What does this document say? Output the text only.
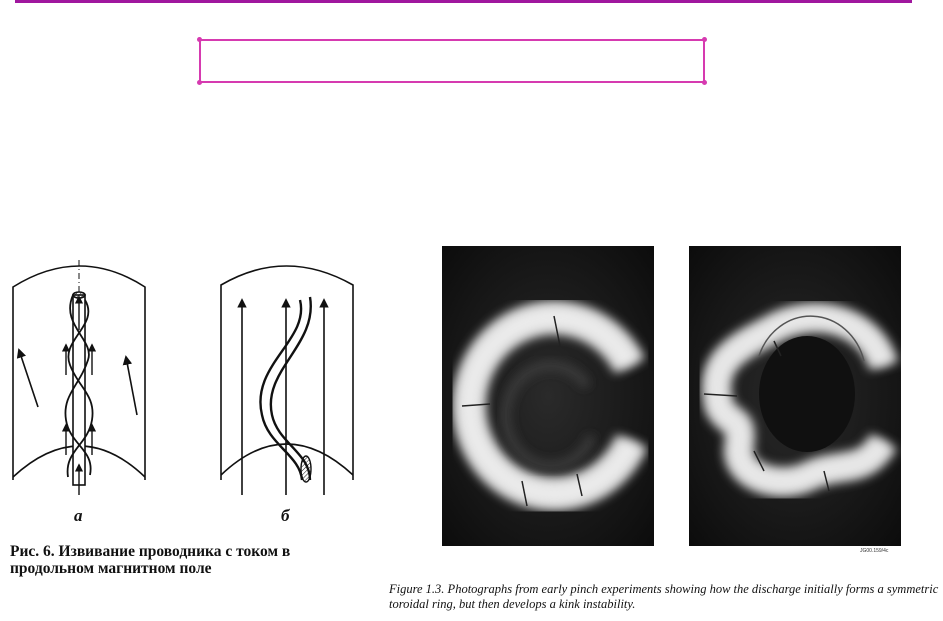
а	б
Рис. 6. Извивание проводника с током в продольном магнитном поле
JG00.159/4c
Figure 1.3. Photographs from early pinch experiments showing how the discharge initially forms a symmetric toroidal ring, but then develops a kink instability.
